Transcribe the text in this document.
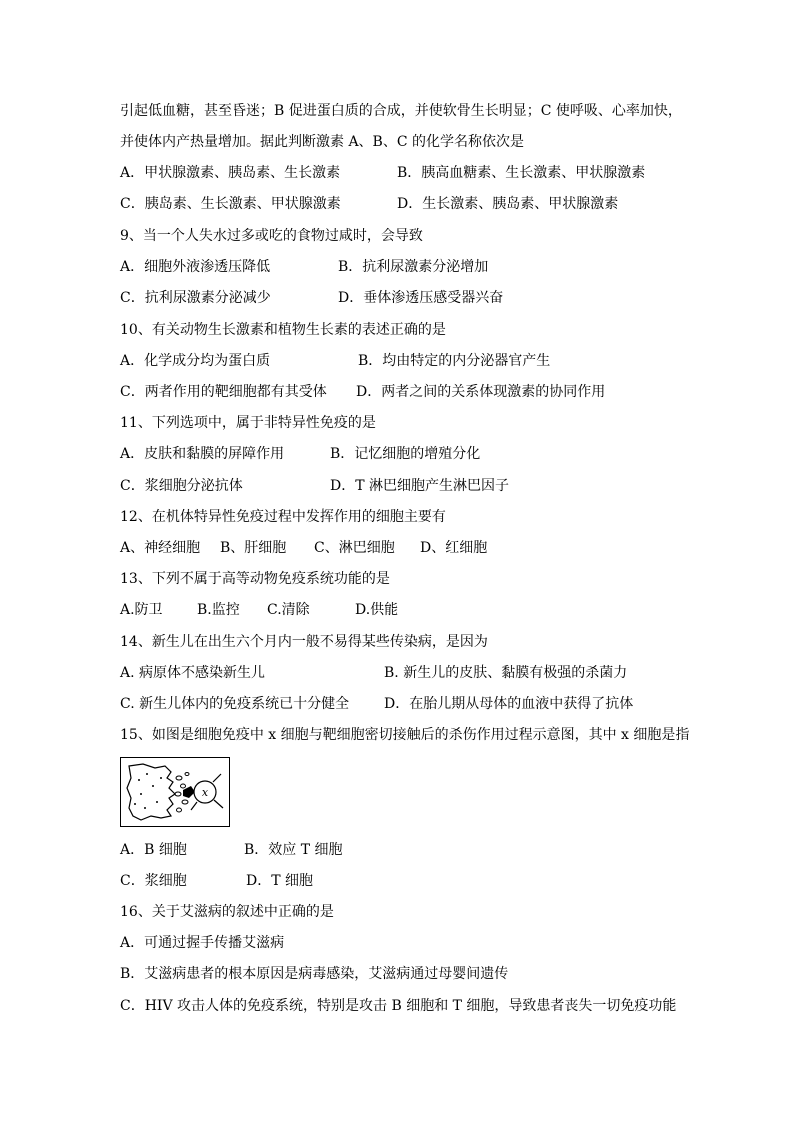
引起低血糖，甚至昏迷；B 促进蛋白质的合成，并使软骨生长明显；C 使呼吸、心率加快，
并使体内产热量增加。据此判断激素 A、B、C 的化学名称依次是
A．甲状腺激素、胰岛素、生长激素	B．胰高血糖素、生长激素、甲状腺激素
C．胰岛素、生长激素、甲状腺激素	D．生长激素、胰岛素、甲状腺激素
9、当一个人失水过多或吃的食物过咸时，会导致
A．细胞外液渗透压降低	B．抗利尿激素分泌增加
C．抗利尿激素分泌减少	D．垂体渗透压感受器兴奋
10、有关动物生长激素和植物生长素的表述正确的是
A．化学成分均为蛋白质	B．均由特定的内分泌器官产生
C．两者作用的靶细胞都有其受体 D．两者之间的关系体现激素的协同作用
11、下列选项中，属于非特异性免疫的是
A．皮肤和黏膜的屏障作用	B．记忆细胞的增殖分化
C．浆细胞分泌抗体	D．T 淋巴细胞产生淋巴因子
12、在机体特异性免疫过程中发挥作用的细胞主要有
A、神经细胞 B、肝细胞 C、淋巴细胞 D、红细胞
13、下列不属于高等动物免疫系统功能的是
A.防卫 B.监控 C.清除	D.供能
14、新生儿在出生六个月内一般不易得某些传染病，是因为
A. 病原体不感染新生儿	B. 新生儿的皮肤、黏膜有极强的杀菌力
C. 新生儿体内的免疫系统已十分健全 D．在胎儿期从母体的血液中获得了抗体
15、如图是细胞免疫中 x 细胞与靶细胞密切接触后的杀伤作用过程示意图，其中 x 细胞是指
x
A．B 细胞	B．效应 T 细胞
C．浆细胞	D．T 细胞
16、关于艾滋病的叙述中正确的是
A．可通过握手传播艾滋病
B．艾滋病患者的根本原因是病毒感染，艾滋病通过母婴间遗传
C．HIV 攻击人体的免疫系统，特别是攻击 B 细胞和 T 细胞，导致患者丧失一切免疫功能
